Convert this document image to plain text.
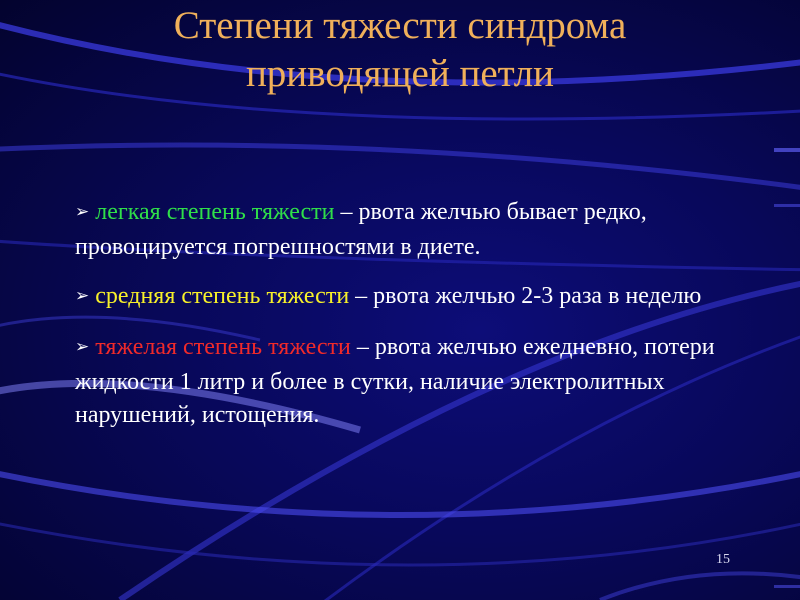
Степени тяжести синдрома
приводящей петли
➢ легкая степень тяжести – рвота желчью бывает редко, провоцируется погрешностями в диете.
➢ средняя степень тяжести – рвота желчью 2-3 раза в неделю
➢ тяжелая степень тяжести – рвота желчью ежедневно, потери жидкости 1 литр и более в сутки, наличие электролитных нарушений, истощения.
15
